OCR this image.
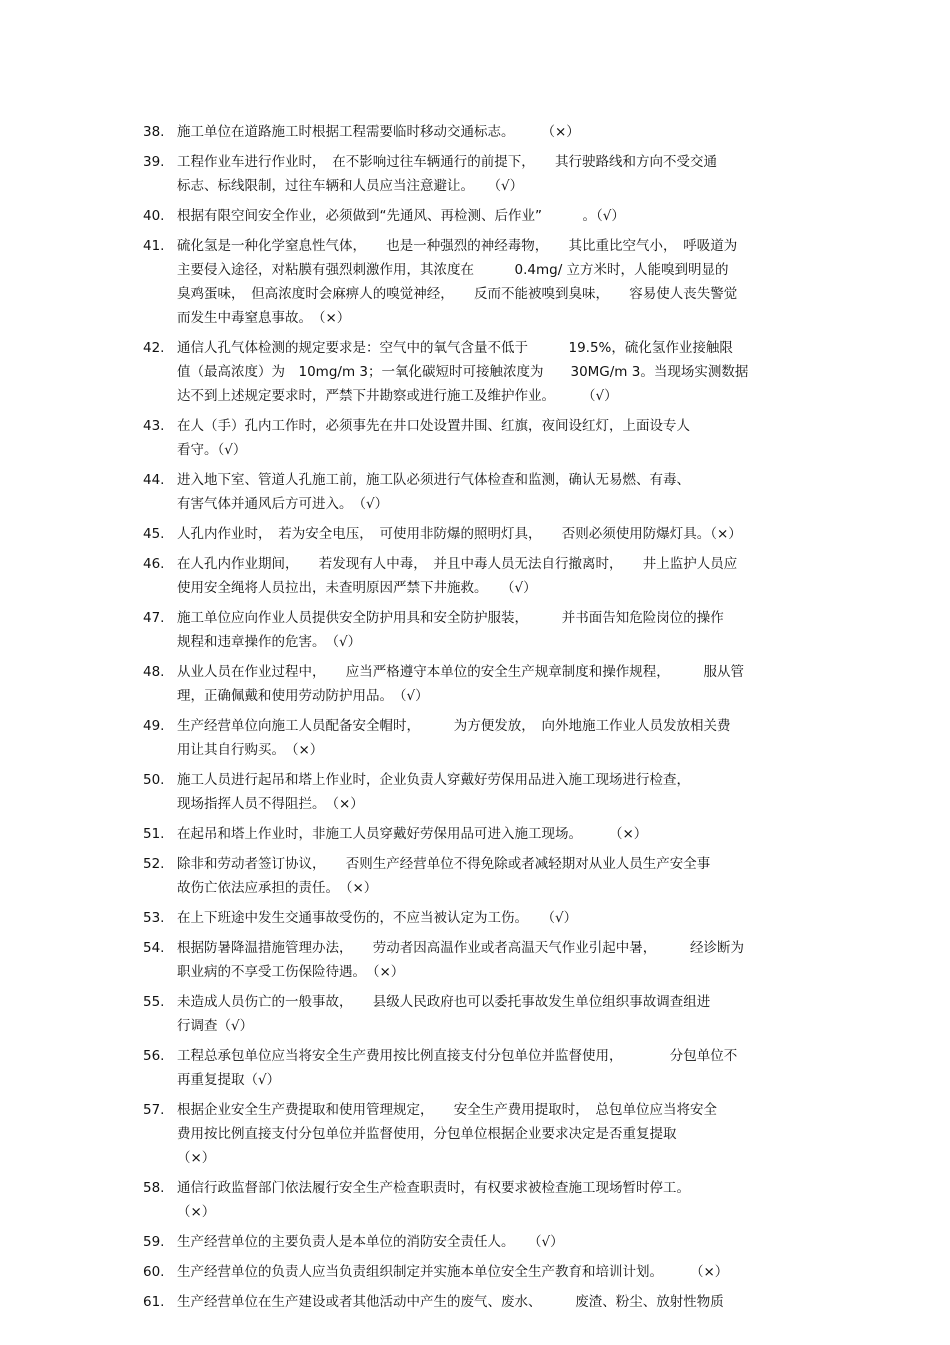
38. 施工单位在道路施工时根据工程需要临时移动交通标志。　　　（×）

39. 工程作业车进行作业时，　在不影响过往车辆通行的前提下，　　其行驶路线和方向不受交通
标志、标线限制，过往车辆和人员应当注意避让。　　（√）

40. 根据有限空间安全作业，必须做到“先通风、再检测、后作业”　　　。（√）

41. 硫化氢是一种化学窒息性气体，　　也是一种强烈的神经毒物，　　其比重比空气小，　呼吸道为
主要侵入途径，对粘膜有强烈刺激作用，其浓度在　　　0.4mg/ 立方米时，人能嗅到明显的
臭鸡蛋味，　但高浓度时会麻痹人的嗅觉神经，　　反而不能被嗅到臭味，　　容易使人丧失警觉
而发生中毒窒息事故。　（×）

42. 通信人孔气体检测的规定要求是：空气中的氧气含量不低于　　　19.5%，硫化氢作业接触限
值（最高浓度）为　10mg/m 3；一氧化碳短时可接触浓度为　　30MG/m 3。当现场实测数据
达不到上述规定要求时，严禁下井勘察或进行施工及维护作业。　　　（√）

43. 在人（手）孔内工作时，必须事先在井口处设置井围、红旗，夜间设红灯，上面设专人
看守。（√）

44. 进入地下室、管道人孔施工前，施工队必须进行气体检查和监测，确认无易燃、有毒、
有害气体并通风后方可进入。　（√）

45. 人孔内作业时，　若为安全电压，　可使用非防爆的照明灯具，　　否则必须使用防爆灯具。（×）

46. 在人孔内作业期间，　　若发现有人中毒，　并且中毒人员无法自行撤离时，　　井上监护人员应
使用安全绳将人员拉出，未查明原因严禁下井施救。　　（√）

47. 施工单位应向作业人员提供安全防护用具和安全防护服装，　　　并书面告知危险岗位的操作
规程和违章操作的危害。　（√）

48. 从业人员在作业过程中，　　应当严格遵守本单位的安全生产规章制度和操作规程，　　　服从管
理，正确佩戴和使用劳动防护用品。　（√）

49. 生产经营单位向施工人员配备安全帽时，　　　为方便发放，　向外地施工作业人员发放相关费
用让其自行购买。　（×）

50. 施工人员进行起吊和塔上作业时，企业负责人穿戴好劳保用品进入施工现场进行检查，
现场指挥人员不得阻拦。　（×）

51. 在起吊和塔上作业时，非施工人员穿戴好劳保用品可进入施工现场。　　　（×）

52. 除非和劳动者签订协议，　　否则生产经营单位不得免除或者减轻期对从业人员生产安全事
故伤亡依法应承担的责任。　（×）

53. 在上下班途中发生交通事故受伤的，不应当被认定为工伤。　　（√）

54. 根据防暑降温措施管理办法，　　劳动者因高温作业或者高温天气作业引起中暑，　　　经诊断为
职业病的不享受工伤保险待遇。　（×）

55. 未造成人员伤亡的一般事故，　　县级人民政府也可以委托事故发生单位组织事故调查组进
行调查（√）

56. 工程总承包单位应当将安全生产费用按比例直接支付分包单位并监督使用，　　　　分包单位不
再重复提取（√）

57. 根据企业安全生产费提取和使用管理规定，　　安全生产费用提取时，　总包单位应当将安全
费用按比例直接支付分包单位并监督使用，分包单位根据企业要求决定是否重复提取
（×）

58. 通信行政监督部门依法履行安全生产检查职责时，有权要求被检查施工现场暂时停工。
（×）

59. 生产经营单位的主要负责人是本单位的消防安全责任人。　　（√）

60. 生产经营单位的负责人应当负责组织制定并实施本单位安全生产教育和培训计划。　　　（×）

61. 生产经营单位在生产建设或者其他活动中产生的废气、废水、　　　废渣、粉尘、放射性物质
